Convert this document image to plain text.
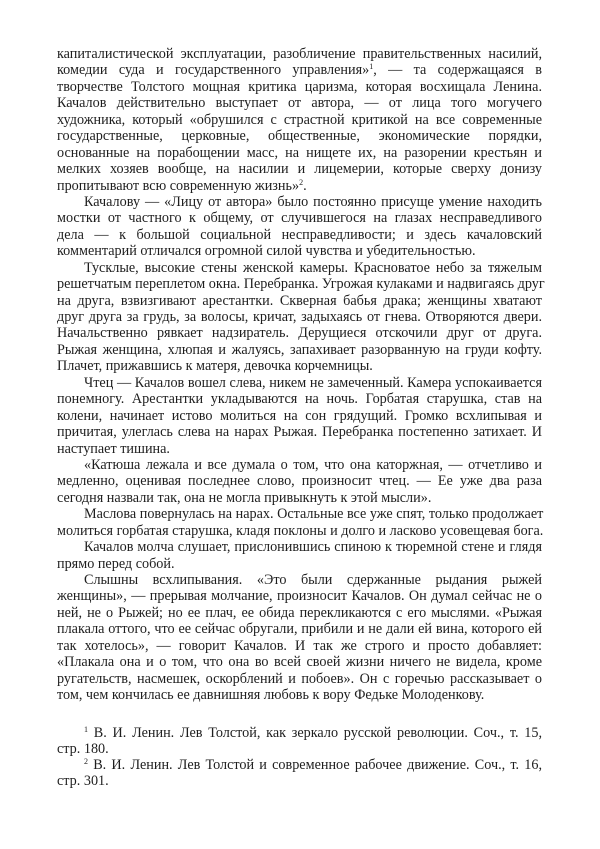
капиталистической эксплуатации, разобличение правительственных насилий,
комедии суда и государственного управления»$^1$, — та содержащаяся в
творчестве Толстого мощная критика царизма, которая восхищала Ленина.
Качалов действительно выступает от автора, — от лица того могучего
художника, который «обрушился с страстной критикой на все современные
государственные, церковные, общественные, экономические порядки,
основанные на порабощении масс, на нищете их, на разорении крестьян и
мелких хозяев вообще, на насилии и лицемерии, которые сверху донизу
пропитывают всю современную жизнь»$^2$.
Качалову — «Лицу от автора» было постоянно присуще умение находить
мостки от частного к общему, от случившегося на глазах несправедливого
дела — к большой социальной несправедливости; и здесь качаловский
комментарий отличался огромной силой чувства и убедительностью.
Тусклые, высокие стены женской камеры. Красноватое небо за тяжелым
решетчатым переплетом окна. Перебранка. Угрожая кулаками и надвигаясь друг
на друга, взвизгивают арестантки. Скверная бабья драка; женщины хватают
друг друга за грудь, за волосы, кричат, задыхаясь от гнева. Отворяются двери.
Начальственно рявкает надзиратель. Дерущиеся отскочили друг от друга.
Рыжая женщина, хлюпая и жалуясь, запахивает разорванную на груди кофту.
Плачет, прижавшись к матеря, девочка корчемницы.
Чтец — Качалов вошел слева, никем не замеченный. Камера успокаивается
понемногу. Арестантки укладываются на ночь. Горбатая старушка, став на
колени, начинает истово молиться на сон грядущий. Громко всхлипывая и
причитая, улеглась слева на нарах Рыжая. Перебранка постепенно затихает. И
наступает тишина.
«Катюша лежала и все думала о том, что она каторжная, — отчетливо и
медленно, оценивая последнее слово, произносит чтец. — Ее уже два раза
сегодня назвали так, она не могла привыкнуть к этой мысли».
Маслова повернулась на нарах. Остальные все уже спят, только продолжает
молиться горбатая старушка, кладя поклоны и долго и ласково усовещевая бога.
Качалов молча слушает, прислонившись спиною к тюремной стене и глядя
прямо перед собой.
Слышны всхлипывания. «Это были сдержанные рыдания рыжей
женщины», — прерывая молчание, произносит Качалов. Он думал сейчас не о
ней, не о Рыжей; но ее плач, ее обида перекликаются с его мыслями. «Рыжая
плакала оттого, что ее сейчас обругали, прибили и не дали ей вина, которого ей
так хотелось», — говорит Качалов. И так же строго и просто добавляет:
«Плакала она и о том, что она во всей своей жизни ничего не видела, кроме
ругательств, насмешек, оскорблений и побоев». Он с горечью рассказывает о
том, чем кончилась ее давнишняя любовь к вору Федьке Молоденкову.
$^1$ В. И. Ленин. Лев Толстой, как зеркало русской революции. Соч., т. 15,
стр. 180.
$^2$ В. И. Ленин. Лев Толстой и современное рабочее движение. Соч., т. 16,
стр. 301.
